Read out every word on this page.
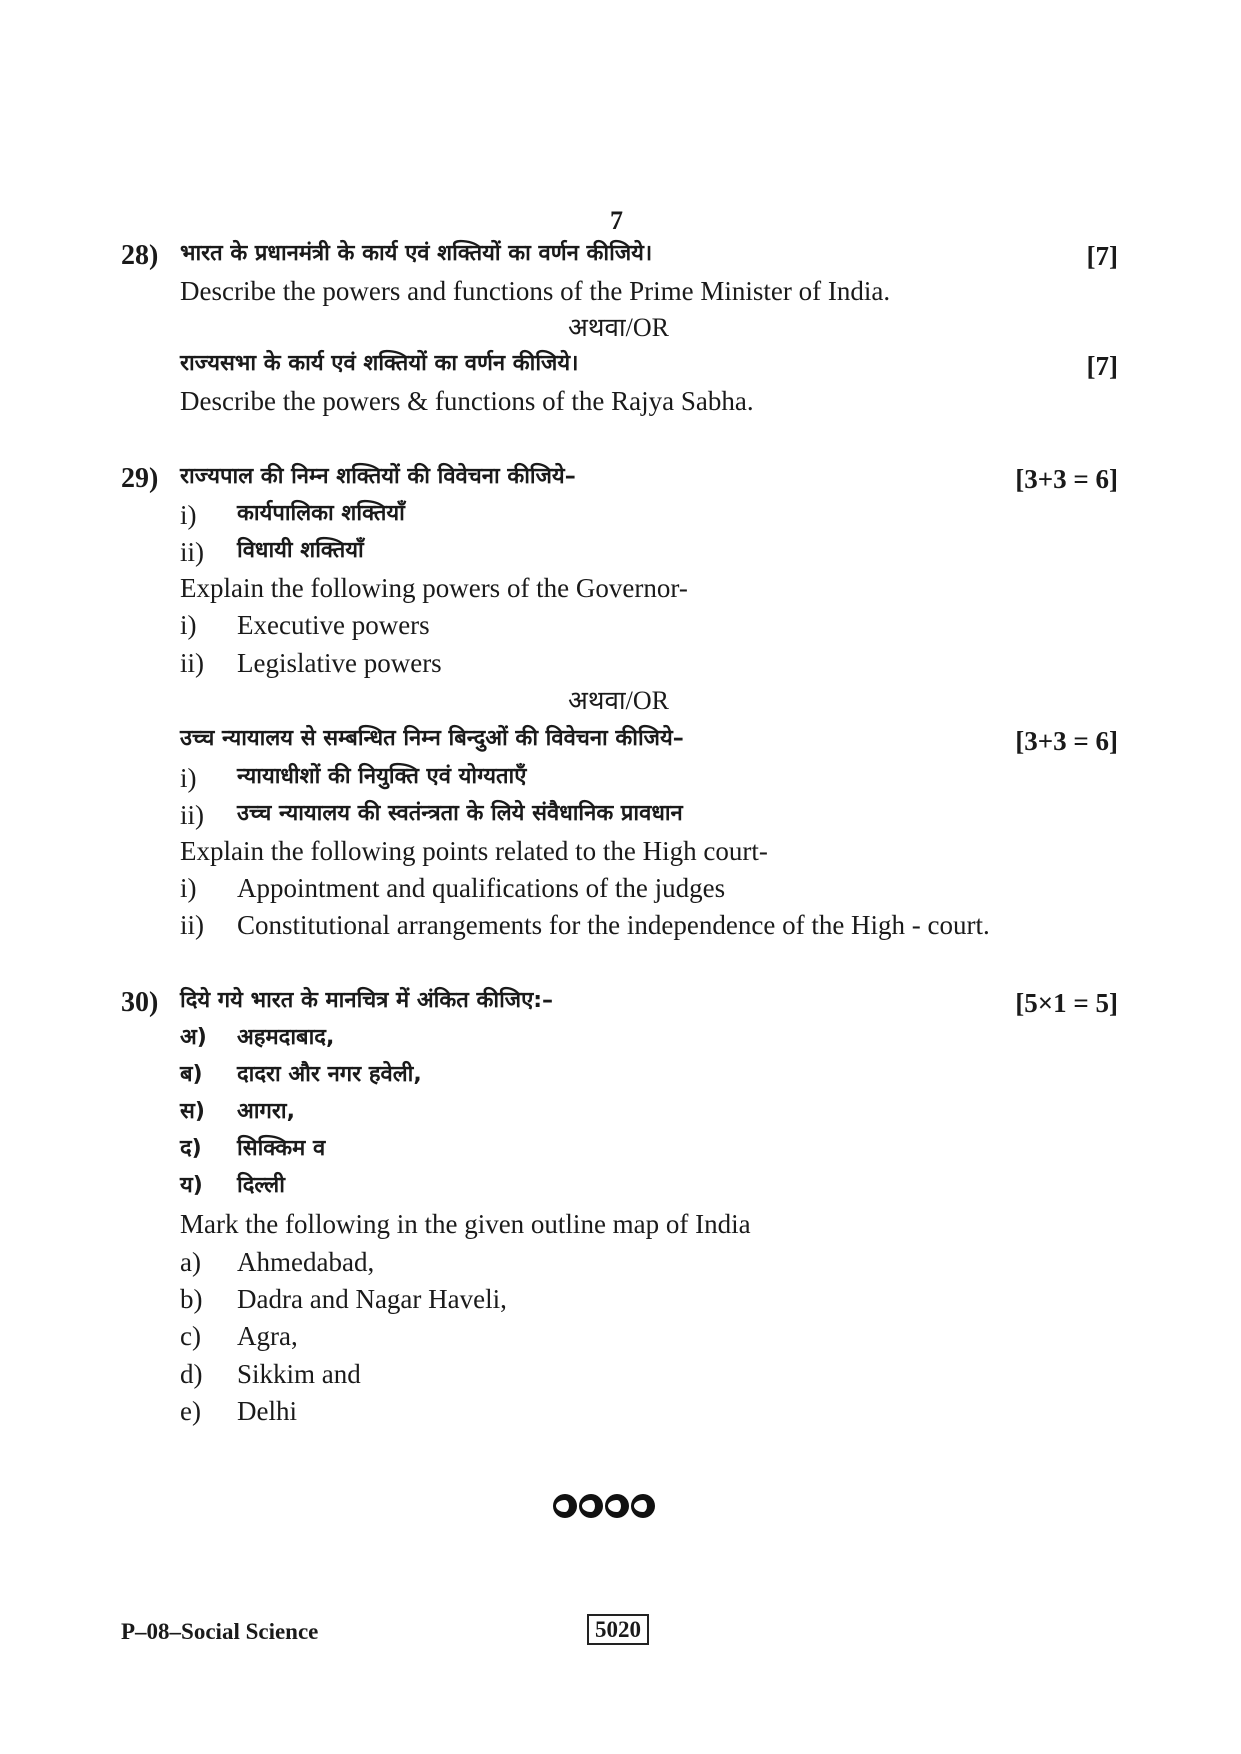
7
28) भारत के प्रधानमंत्री के कार्य एवं शक्तियों का वर्णन कीजिये।	[7]
Describe the powers and functions of the Prime Minister of India.
अथवा/OR
राज्यसभा के कार्य एवं शक्तियों का वर्णन कीजिये।	[7]
Describe the powers & functions of the Rajya Sabha.
29) राज्यपाल की निम्न शक्तियों की विवेचना कीजिये–	[3+3 = 6]
i) कार्यपालिका शक्तियाँ
ii) विधायी शक्तियाँ
Explain the following powers of the Governor-
i) Executive powers
ii) Legislative powers
अथवा/OR
उच्च न्यायालय से सम्बन्धित निम्न बिन्दुओं की विवेचना कीजिये–	[3+3 = 6]
i) न्यायाधीशों की नियुक्ति एवं योग्यताएँ
ii) उच्च न्यायालय की स्वतंन्त्रता के लिये संवैधानिक प्रावधान
Explain the following points related to the High court-
i) Appointment and qualifications of the judges
ii) Constitutional arrangements for the independence of the High - court.
30) दिये गये भारत के मानचित्र में अंकित कीजिए:–	[5×1 = 5]
अ) अहमदाबाद,
ब) दादरा और नगर हवेली,
स) आगरा,
द) सिक्किम व
य) दिल्ली
Mark the following in the given outline map of India
a) Ahmedabad,
b) Dadra and Nagar Haveli,
c) Agra,
d) Sikkim and
e) Delhi
P–08–Social Science	5020
